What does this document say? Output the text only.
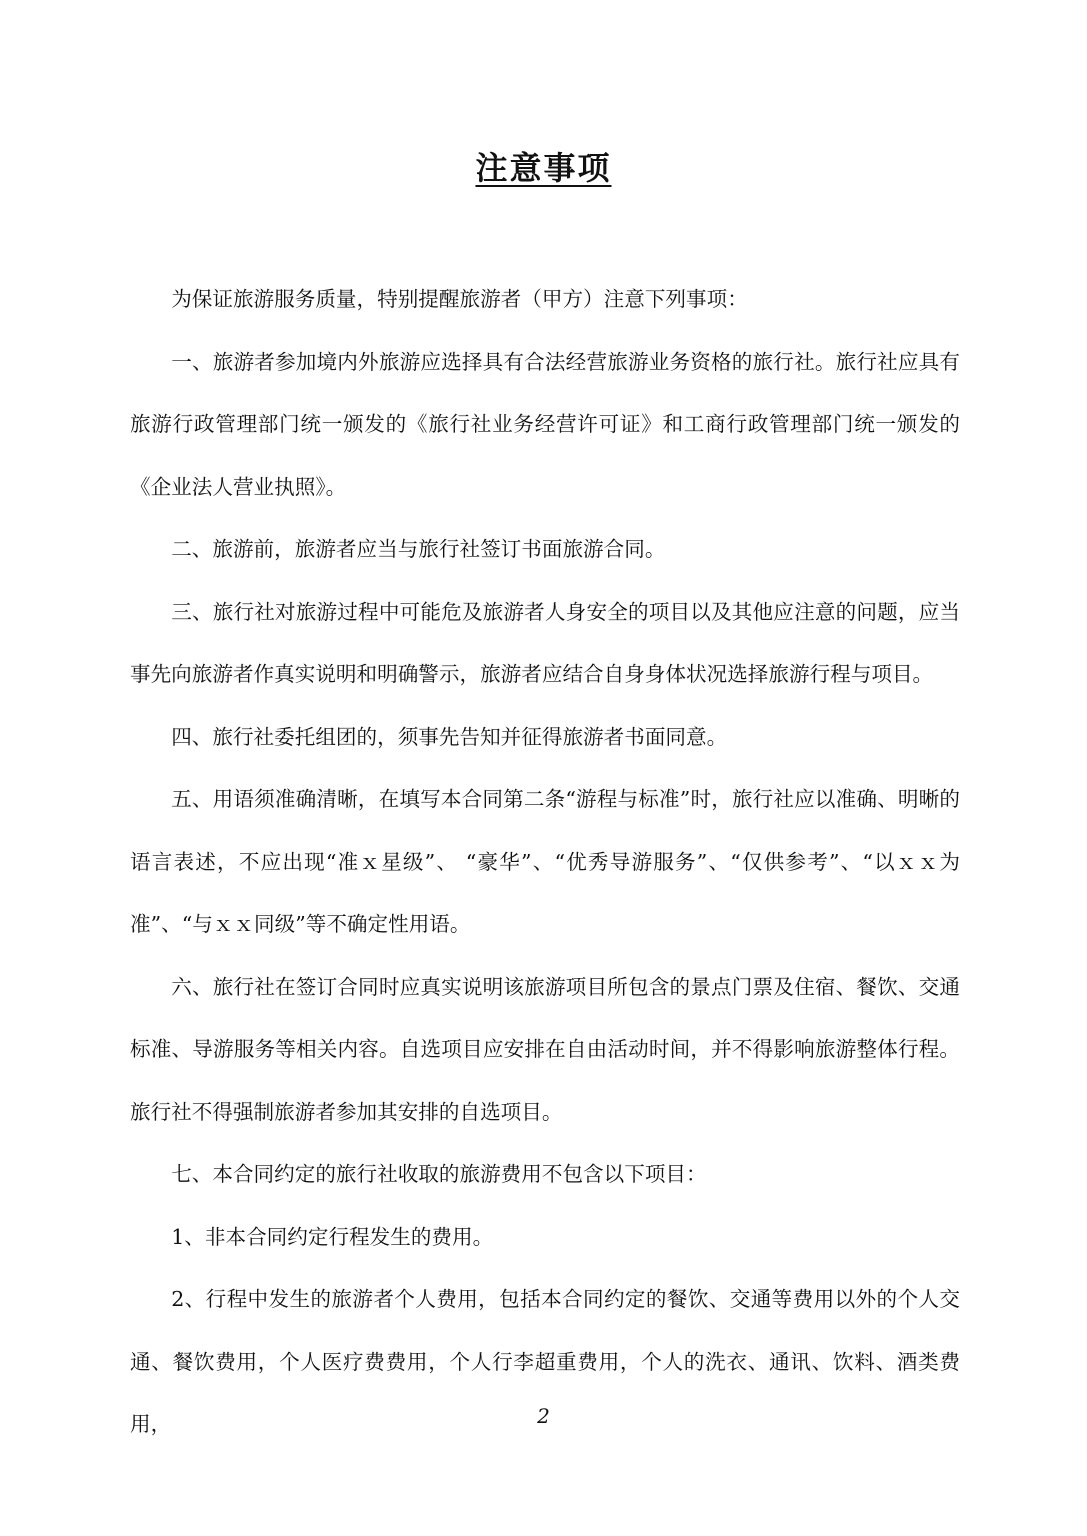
注意事项

为保证旅游服务质量，特别提醒旅游者（甲方）注意下列事项：

一、旅游者参加境内外旅游应选择具有合法经营旅游业务资格的旅行社。旅行社应具有旅游行政管理部门统一颁发的《旅行社业务经营许可证》和工商行政管理部门统一颁发的《企业法人营业执照》。

二、旅游前，旅游者应当与旅行社签订书面旅游合同。

三、旅行社对旅游过程中可能危及旅游者人身安全的项目以及其他应注意的问题，应当事先向旅游者作真实说明和明确警示，旅游者应结合自身身体状况选择旅游行程与项目。

四、旅行社委托组团的，须事先告知并征得旅游者书面同意。

五、用语须准确清晰，在填写本合同第二条“游程与标准”时，旅行社应以准确、明晰的语言表述，不应出现“准ｘ星级”、 “豪华”、“优秀导游服务”、“仅供参考”、“以ｘｘ为准”、“与ｘｘ同级”等不确定性用语。

六、旅行社在签订合同时应真实说明该旅游项目所包含的景点门票及住宿、餐饮、交通标准、导游服务等相关内容。自选项目应安排在自由活动时间，并不得影响旅游整体行程。旅行社不得强制旅游者参加其安排的自选项目。

七、本合同约定的旅行社收取的旅游费用不包含以下项目：

1、非本合同约定行程发生的费用。

2、行程中发生的旅游者个人费用，包括本合同约定的餐饮、交通等费用以外的个人交通、餐饮费用，个人医疗费费用，个人行李超重费用，个人的洗衣、通讯、饮料、酒类费用，	2
